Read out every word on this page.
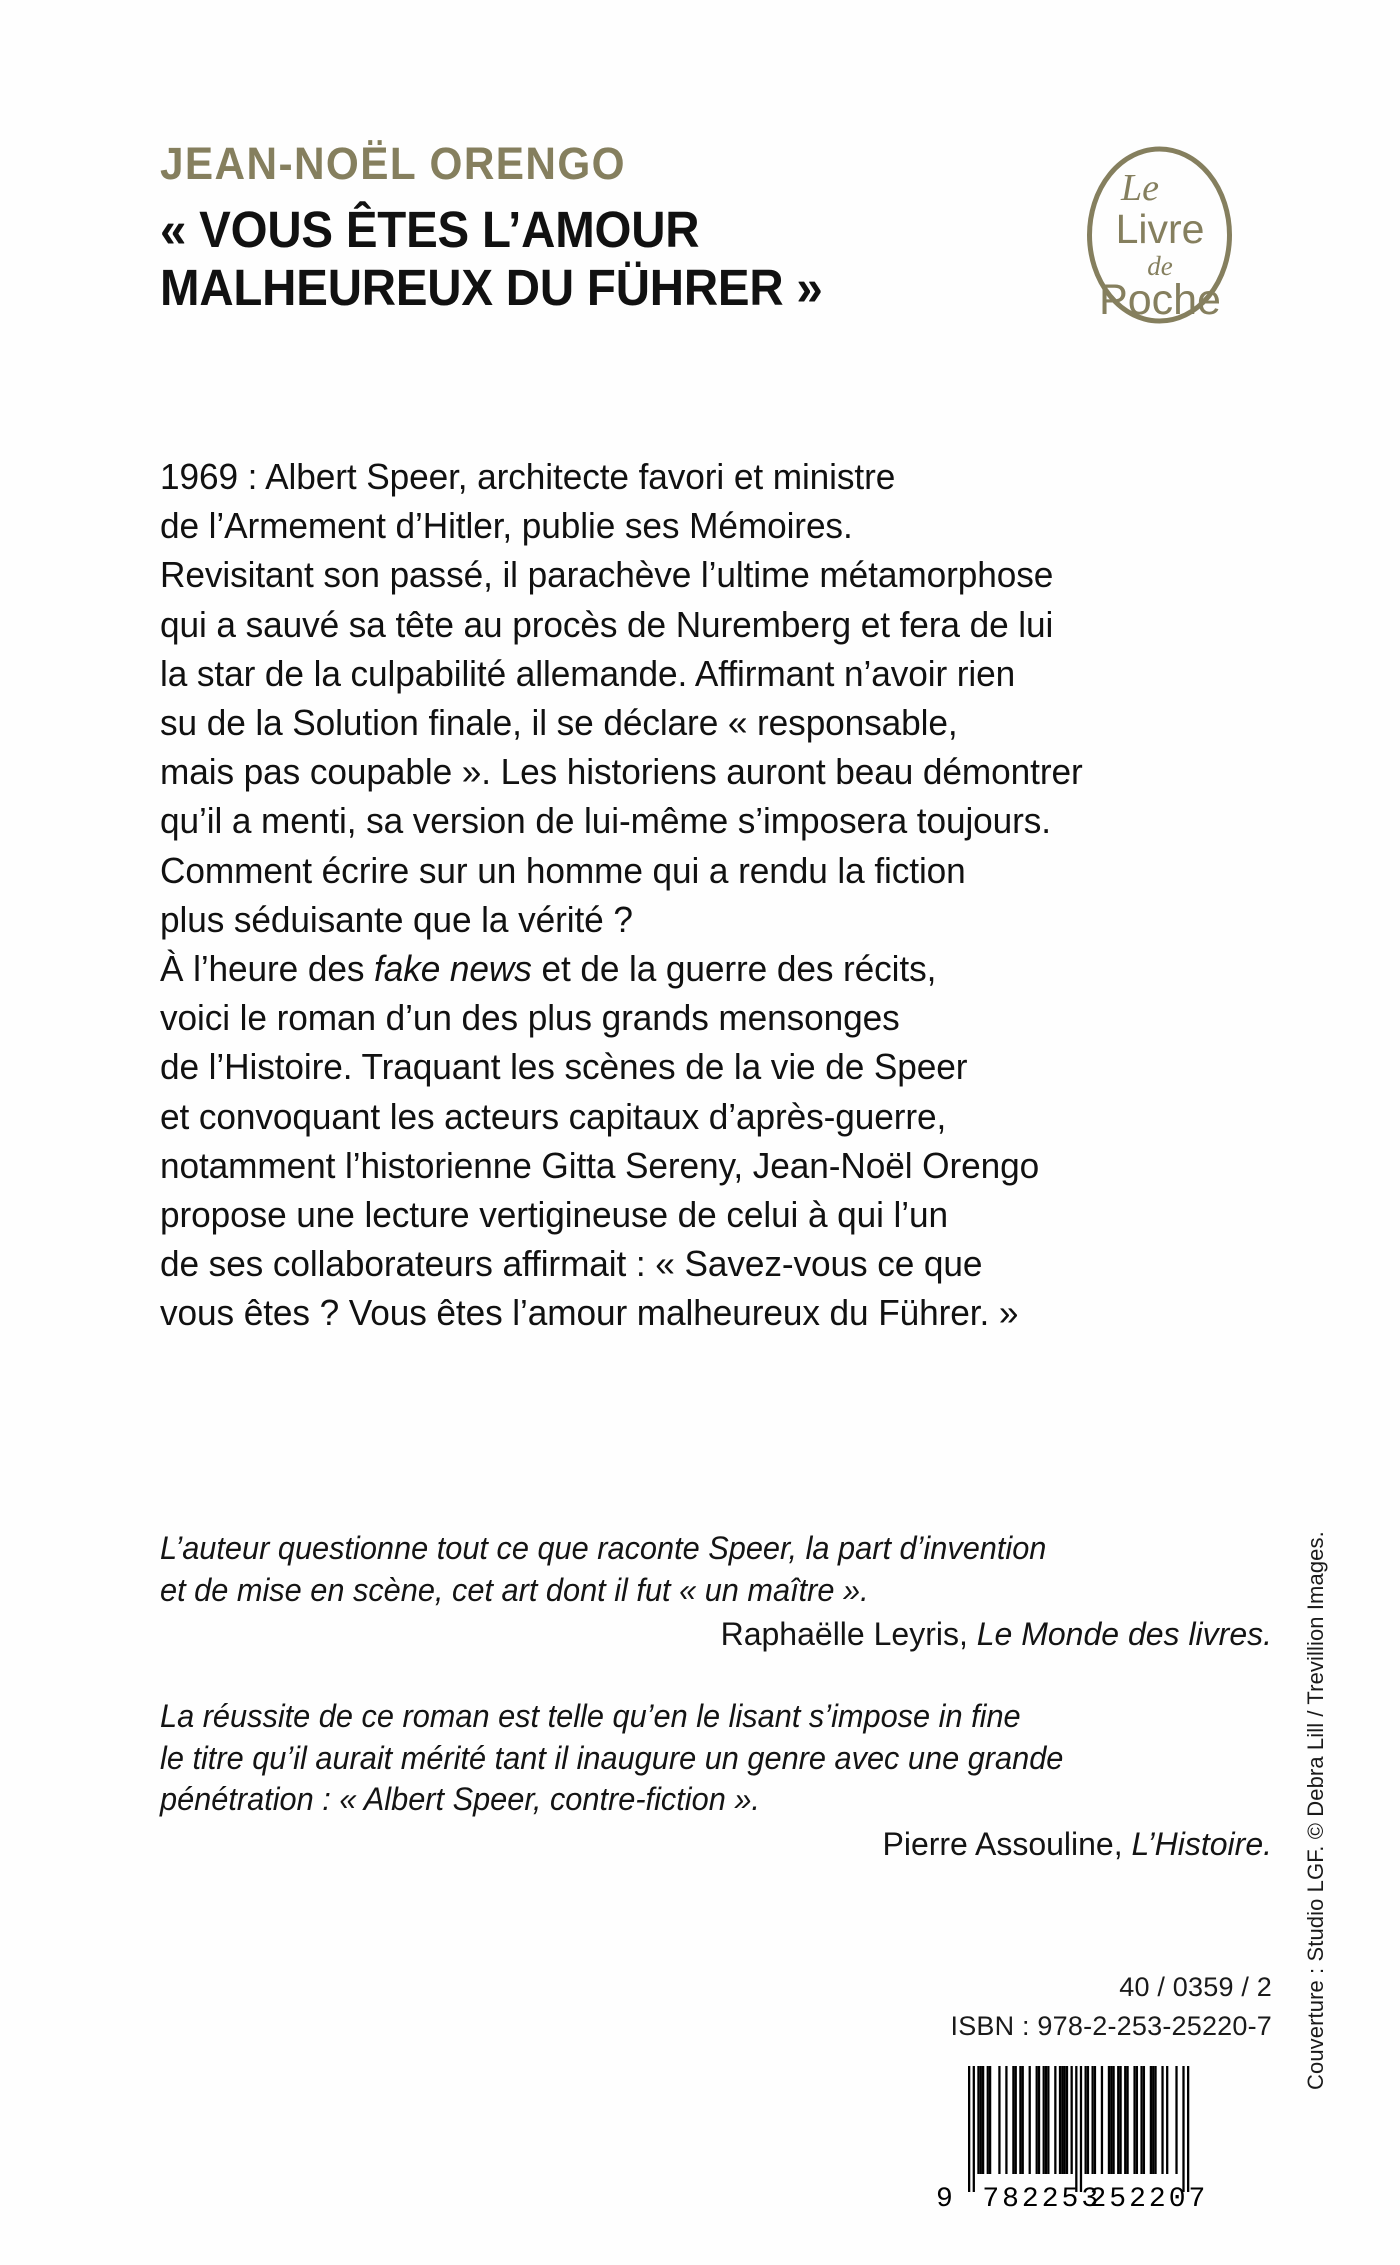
JEAN-NOËL ORENGO
« VOUS ÊTES L’AMOUR
MALHEUREUX DU FÜHRER »
Le
Livre
de
Poche
1969 : Albert Speer, architecte favori et ministre
de l’Armement d’Hitler, publie ses Mémoires.
Revisitant son passé, il parachève l’ultime métamorphose
qui a sauvé sa tête au procès de Nuremberg et fera de lui
la star de la culpabilité allemande. Affirmant n’avoir rien
su de la Solution finale, il se déclare « responsable,
mais pas coupable ». Les historiens auront beau démontrer
qu’il a menti, sa version de lui-même s’imposera toujours.
Comment écrire sur un homme qui a rendu la fiction
plus séduisante que la vérité ?
À l’heure des fake news et de la guerre des récits,
voici le roman d’un des plus grands mensonges
de l’Histoire. Traquant les scènes de la vie de Speer
et convoquant les acteurs capitaux d’après-guerre,
notamment l’historienne Gitta Sereny, Jean-Noël Orengo
propose une lecture vertigineuse de celui à qui l’un
de ses collaborateurs affirmait : « Savez-vous ce que
vous êtes ? Vous êtes l’amour malheureux du Führer. »
L’auteur questionne tout ce que raconte Speer, la part d’invention
et de mise en scène, cet art dont il fut « un maître ».
Raphaëlle Leyris, Le Monde des livres.
La réussite de ce roman est telle qu’en le lisant s’impose in fine
le titre qu’il aurait mérité tant il inaugure un genre avec une grande
pénétration : « Albert Speer, contre-fiction ».
Pierre Assouline, L’Histoire.
40 / 0359 / 2
ISBN : 978-2-253-25220-7
9 782253
252207
Couverture : Studio LGF. © Debra Lill / Trevillion Images.
